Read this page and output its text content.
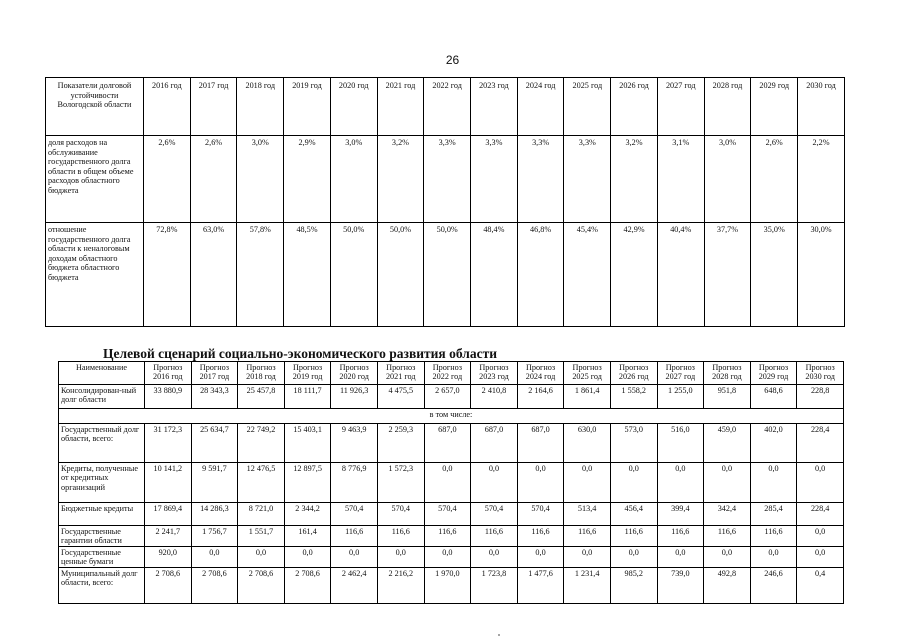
26
Показатели долговой устойчивости Вологодской области	2016 год	2017 год	2018 год	2019 год	2020 год	2021 год	2022 год	2023 год	2024 год	2025 год	2026 год	2027 год	2028 год	2029 год	2030 год
доля расходов на обслуживание государственного долга области в общем объеме расходов областного бюджета	2,6%	2,6%	3,0%	2,9%	3,0%	3,2%	3,3%	3,3%	3,3%	3,3%	3,2%	3,1%	3,0%	2,6%	2,2%
отношение государственного долга области к неналоговым доходам областного бюджета областного бюджета	72,8%	63,0%	57,8%	48,5%	50,0%	50,0%	50,0%	48,4%	46,8%	45,4%	42,9%	40,4%	37,7%	35,0%	30,0%
Целевой сценарий социально-экономического развития области
Наименование	Прогноз 2016 год	Прогноз 2017 год	Прогноз 2018 год	Прогноз 2019 год	Прогноз 2020 год	Прогноз 2021 год	Прогноз 2022 год	Прогноз 2023 год	Прогноз 2024 год	Прогноз 2025 год	Прогноз 2026 год	Прогноз 2027 год	Прогноз 2028 год	Прогноз 2029 год	Прогноз 2030 год
Консолидирован-ный долг области	33 880,9	28 343,3	25 457,8	18 111,7	11 926,3	4 475,5	2 657,0	2 410,8	2 164,6	1 861,4	1 558,2	1 255,0	951,8	648,6	228,8
в том числе:															
Государственный долг области, всего:	31 172,3	25 634,7	22 749,2	15 403,1	9 463,9	2 259,3	687,0	687,0	687,0	630,0	573,0	516,0	459,0	402,0	228,4
Кредиты, полученные от кредитных организаций	10 141,2	9 591,7	12 476,5	12 897,5	8 776,9	1 572,3	0,0	0,0	0,0	0,0	0,0	0,0	0,0	0,0	0,0
Бюджетные кредиты	17 869,4	14 286,3	8 721,0	2 344,2	570,4	570,4	570,4	570,4	570,4	513,4	456,4	399,4	342,4	285,4	228,4
Государственные гарантии области	2 241,7	1 756,7	1 551,7	161,4	116,6	116,6	116,6	116,6	116,6	116,6	116,6	116,6	116,6	116,6	0,0
Государственные ценные бумаги	920,0	0,0	0,0	0,0	0,0	0,0	0,0	0,0	0,0	0,0	0,0	0,0	0,0	0,0	0,0
Муниципальный долг области, всего:	2 708,6	2 708,6	2 708,6	2 708,6	2 462,4	2 216,2	1 970,0	1 723,8	1 477,6	1 231,4	985,2	739,0	492,8	246,6	0,4
